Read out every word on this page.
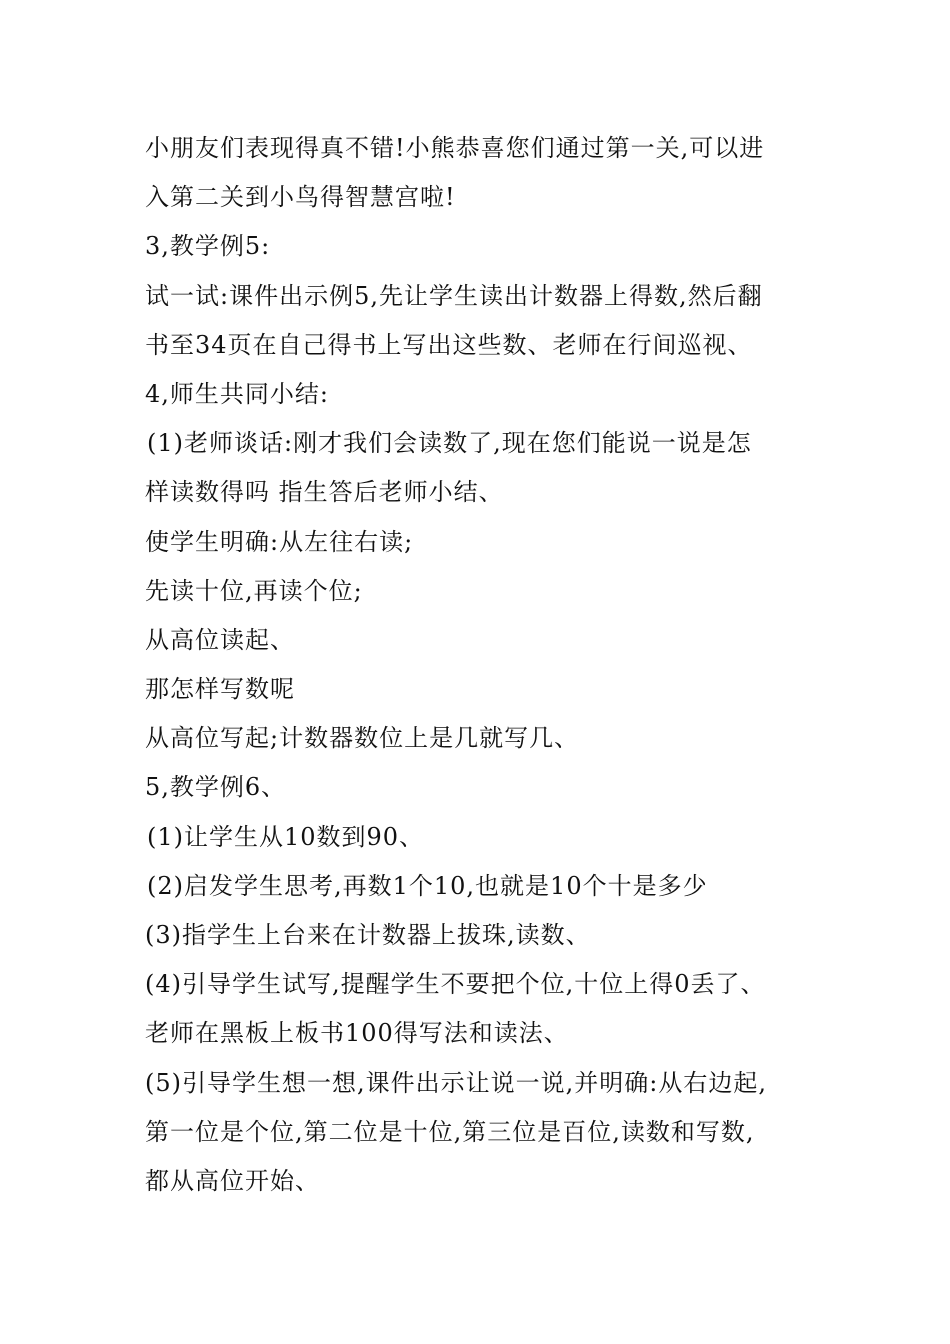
小朋友们表现得真不错!小熊恭喜您们通过第一关,可以进
入第二关到小鸟得智慧宫啦!
3,教学例5:
试一试:课件出示例5,先让学生读出计数器上得数,然后翻
书至34页在自己得书上写出这些数、老师在行间巡视、
4,师生共同小结:
(1)老师谈话:刚才我们会读数了,现在您们能说一说是怎
样读数得吗 指生答后老师小结、
使学生明确:从左往右读;
先读十位,再读个位;
从高位读起、
那怎样写数呢
从高位写起;计数器数位上是几就写几、
5,教学例6、
(1)让学生从10数到90、
(2)启发学生思考,再数1个10,也就是10个十是多少
(3)指学生上台来在计数器上拔珠,读数、
(4)引导学生试写,提醒学生不要把个位,十位上得0丢了、
老师在黑板上板书100得写法和读法、
(5)引导学生想一想,课件出示让说一说,并明确:从右边起,
第一位是个位,第二位是十位,第三位是百位,读数和写数,
都从高位开始、
